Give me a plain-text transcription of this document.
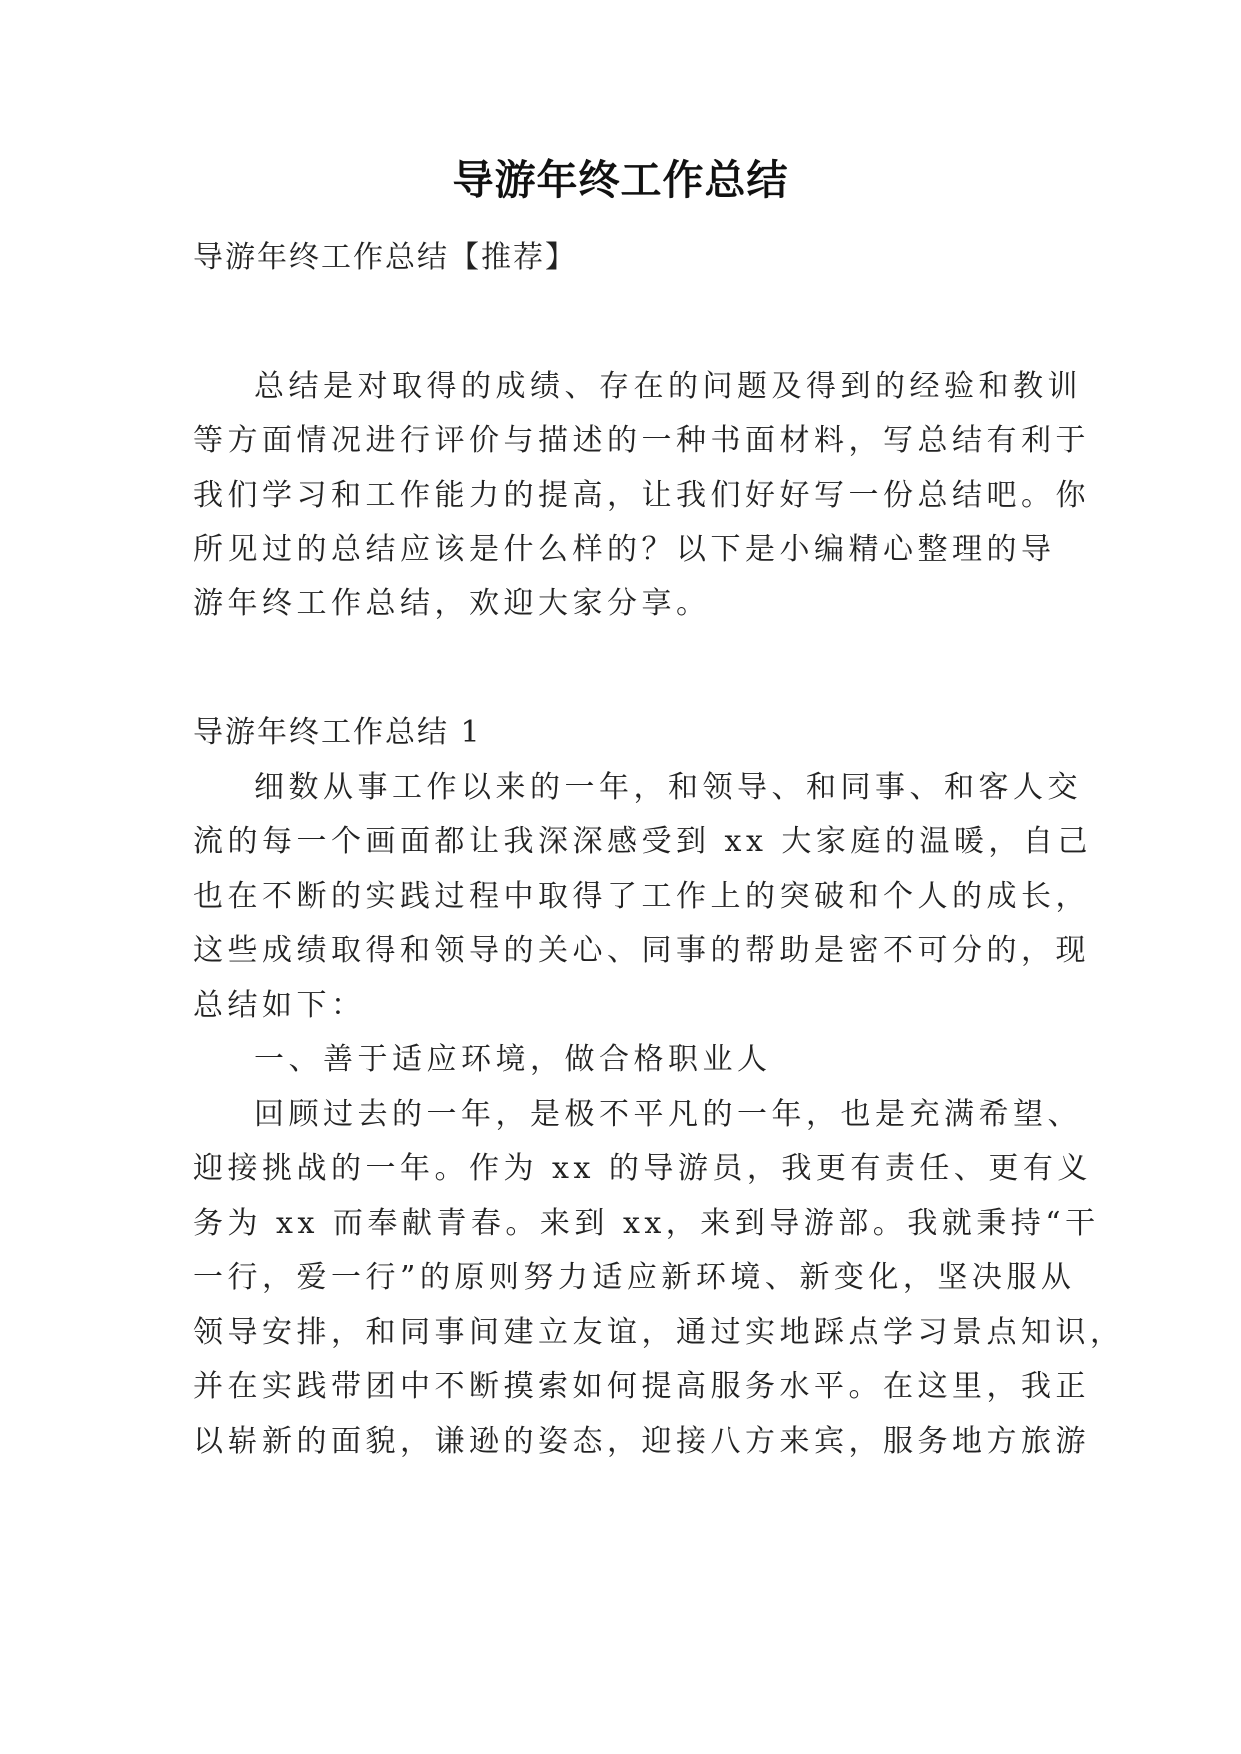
导游年终工作总结

导游年终工作总结【推荐】

总结是对取得的成绩、存在的问题及得到的经验和教训

等方面情况进行评价与描述的一种书面材料，写总结有利于

我们学习和工作能力的提高，让我们好好写一份总结吧。你

所见过的总结应该是什么样的？以下是小编精心整理的导

游年终工作总结，欢迎大家分享。

导游年终工作总结 1

细数从事工作以来的一年，和领导、和同事、和客人交

流的每一个画面都让我深深感受到 xx 大家庭的温暖，自己

也在不断的实践过程中取得了工作上的突破和个人的成长，

这些成绩取得和领导的关心、同事的帮助是密不可分的，现

总结如下：

一、善于适应环境，做合格职业人

回顾过去的一年，是极不平凡的一年，也是充满希望、

迎接挑战的一年。作为 xx 的导游员，我更有责任、更有义

务为 xx 而奉献青春。来到 xx，来到导游部。我就秉持“干

一行，爱一行”的原则努力适应新环境、新变化，坚决服从

领导安排，和同事间建立友谊，通过实地踩点学习景点知识，

并在实践带团中不断摸索如何提高服务水平。在这里，我正

以崭新的面貌，谦逊的姿态，迎接八方来宾，服务地方旅游
